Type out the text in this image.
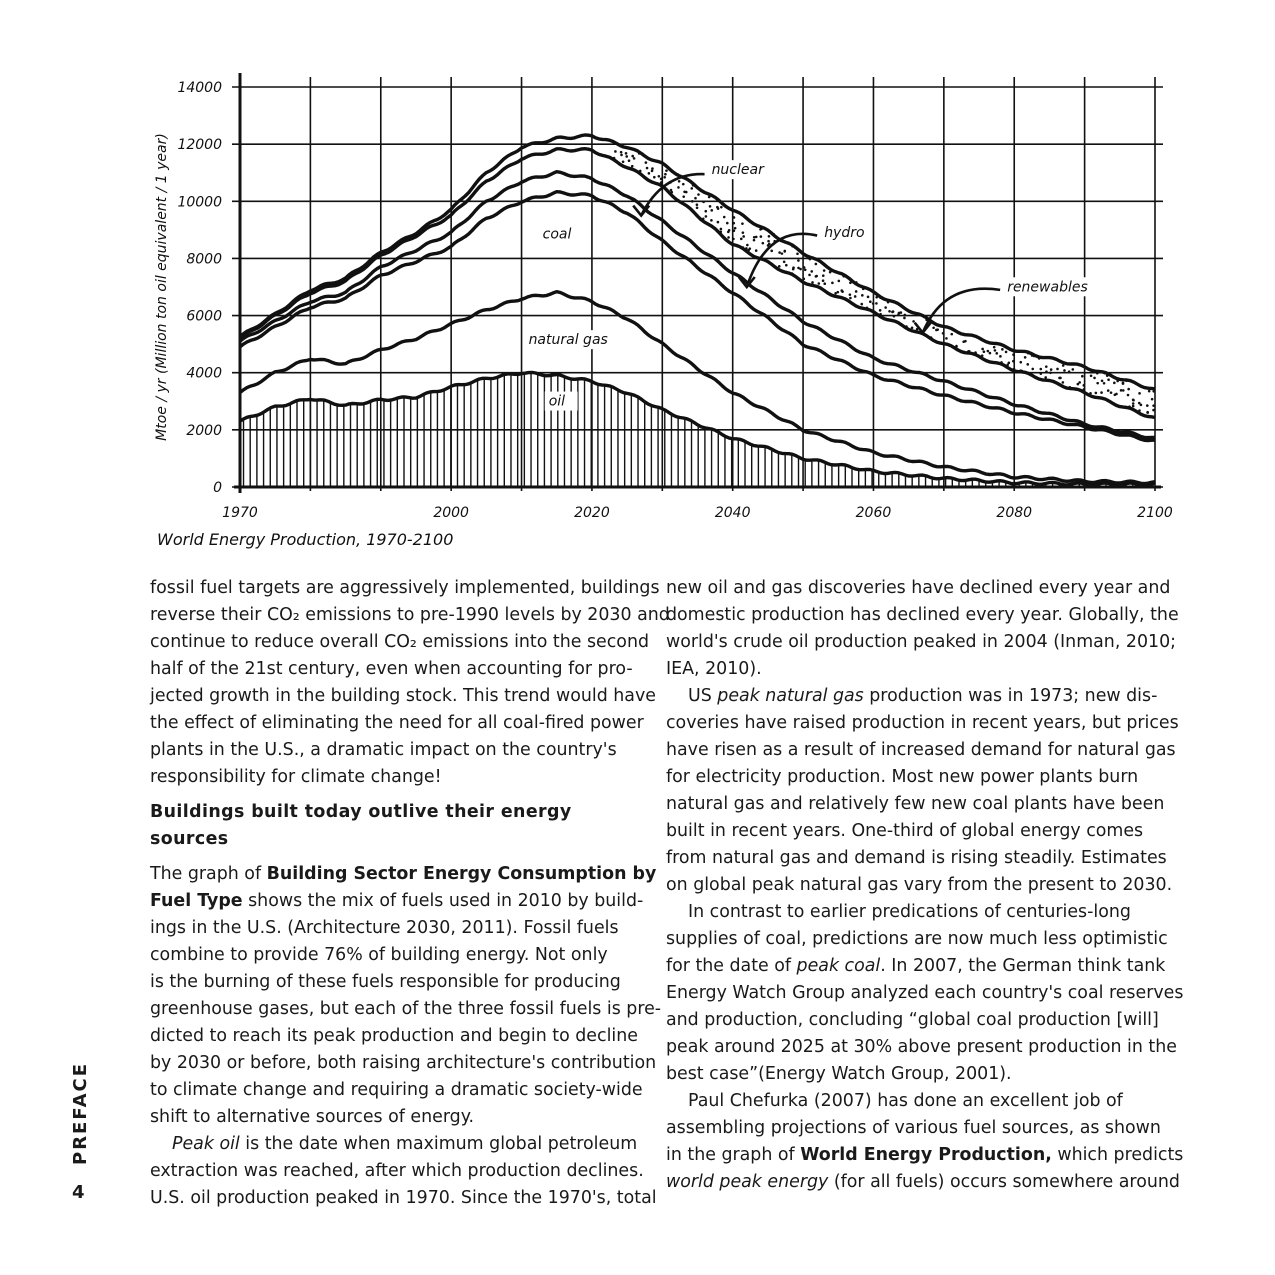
0
2000
4000
6000
8000
10000
12000
14000
1970	2000	2020	2040	2060	2080	2100
Mtoe / yr (Million ton oil equivalent / 1 year)
World Energy Production, 1970-2100
oil
natural gas
coal
nuclear
hydro
renewables

fossil fuel targets are aggressively implemented, buildings
reverse their CO₂ emissions to pre-1990 levels by 2030 and
continue to reduce overall CO₂ emissions into the second
half of the 21st century, even when accounting for pro-
jected growth in the building stock. This trend would have
the effect of eliminating the need for all coal-fired power
plants in the U.S., a dramatic impact on the country's
responsibility for climate change!

Buildings built today outlive their energy sources

The graph of Building Sector Energy Consumption by
Fuel Type shows the mix of fuels used in 2010 by build-
ings in the U.S. (Architecture 2030, 2011). Fossil fuels
combine to provide 76% of building energy. Not only
is the burning of these fuels responsible for producing
greenhouse gases, but each of the three fossil fuels is pre-
dicted to reach its peak production and begin to decline
by 2030 or before, both raising architecture's contribution
to climate change and requiring a dramatic society-wide
shift to alternative sources of energy.

Peak oil is the date when maximum global petroleum
extraction was reached, after which production declines.
U.S. oil production peaked in 1970. Since the 1970's, total

new oil and gas discoveries have declined every year and
domestic production has declined every year. Globally, the
world's crude oil production peaked in 2004 (Inman, 2010;
IEA, 2010).

US peak natural gas production was in 1973; new dis-
coveries have raised production in recent years, but prices
have risen as a result of increased demand for natural gas
for electricity production. Most new power plants burn
natural gas and relatively few new coal plants have been
built in recent years. One-third of global energy comes
from natural gas and demand is rising steadily. Estimates
on global peak natural gas vary from the present to 2030.

In contrast to earlier predications of centuries-long
supplies of coal, predictions are now much less optimistic
for the date of peak coal. In 2007, the German think tank
Energy Watch Group analyzed each country's coal reserves
and production, concluding “global coal production [will]
peak around 2025 at 30% above present production in the
best case”(Energy Watch Group, 2001).

Paul Chefurka (2007) has done an excellent job of
assembling projections of various fuel sources, as shown
in the graph of World Energy Production, which predicts
world peak energy (for all fuels) occurs somewhere around

PREFACE
4
